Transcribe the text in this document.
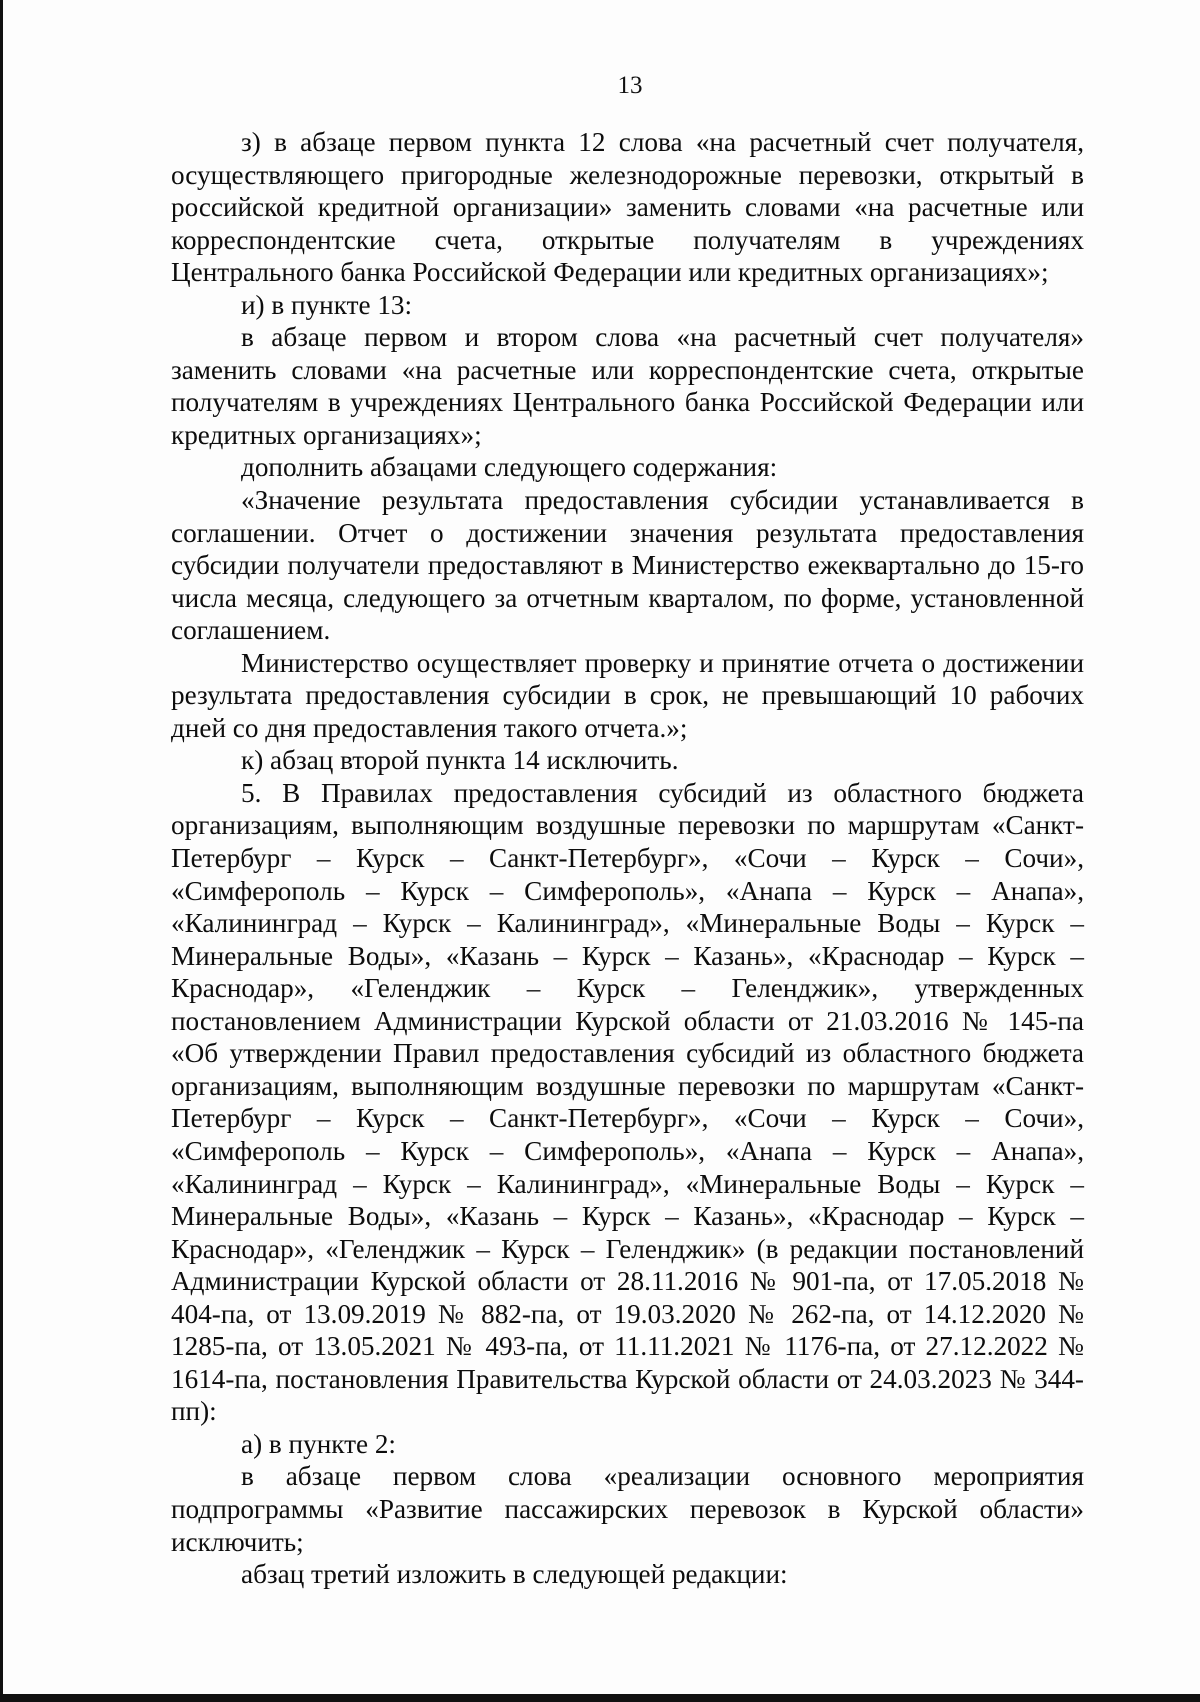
13

з) в абзаце первом пункта 12 слова «на расчетный счет получателя, осуществляющего пригородные железнодорожные перевозки, открытый в российской кредитной организации» заменить словами «на расчетные или корреспондентские счета, открытые получателям в учреждениях Центрального банка Российской Федерации или кредитных организациях»;

и) в пункте 13:

в абзаце первом и втором слова «на расчетный счет получателя» заменить словами «на расчетные или корреспондентские счета, открытые получателям в учреждениях Центрального банка Российской Федерации или кредитных организациях»;

дополнить абзацами следующего содержания:

«Значение результата предоставления субсидии устанавливается в соглашении. Отчет о достижении значения результата предоставления субсидии получатели предоставляют в Министерство ежеквартально до 15-го числа месяца, следующего за отчетным кварталом, по форме, установленной соглашением.

Министерство осуществляет проверку и принятие отчета о достижении результата предоставления субсидии в срок, не превышающий 10 рабочих дней со дня предоставления такого отчета.»;

к) абзац второй пункта 14 исключить.

5. В Правилах предоставления субсидий из областного бюджета организациям, выполняющим воздушные перевозки по маршрутам «Санкт-Петербург – Курск – Санкт-Петербург», «Сочи – Курск – Сочи», «Симферополь – Курск – Симферополь», «Анапа – Курск – Анапа», «Калининград – Курск – Калининград», «Минеральные Воды – Курск – Минеральные Воды», «Казань – Курск – Казань», «Краснодар – Курск – Краснодар», «Геленджик – Курск – Геленджик», утвержденных постановлением Администрации Курской области от 21.03.2016 № 145-па «Об утверждении Правил предоставления субсидий из областного бюджета организациям, выполняющим воздушные перевозки по маршрутам «Санкт-Петербург – Курск – Санкт-Петербург», «Сочи – Курск – Сочи», «Симферополь – Курск – Симферополь», «Анапа – Курск – Анапа», «Калининград – Курск – Калининград», «Минеральные Воды – Курск – Минеральные Воды», «Казань – Курск – Казань», «Краснодар – Курск – Краснодар», «Геленджик – Курск – Геленджик» (в редакции постановлений Администрации Курской области от 28.11.2016 № 901-па, от 17.05.2018 № 404-па, от 13.09.2019 № 882-па, от 19.03.2020 № 262-па, от 14.12.2020 № 1285-па, от 13.05.2021 № 493-па, от 11.11.2021 № 1176-па, от 27.12.2022 № 1614-па, постановления Правительства Курской области от 24.03.2023 № 344-пп):

а) в пункте 2:

в абзаце первом слова «реализации основного мероприятия подпрограммы «Развитие пассажирских перевозок в Курской области» исключить;

абзац третий изложить в следующей редакции:
